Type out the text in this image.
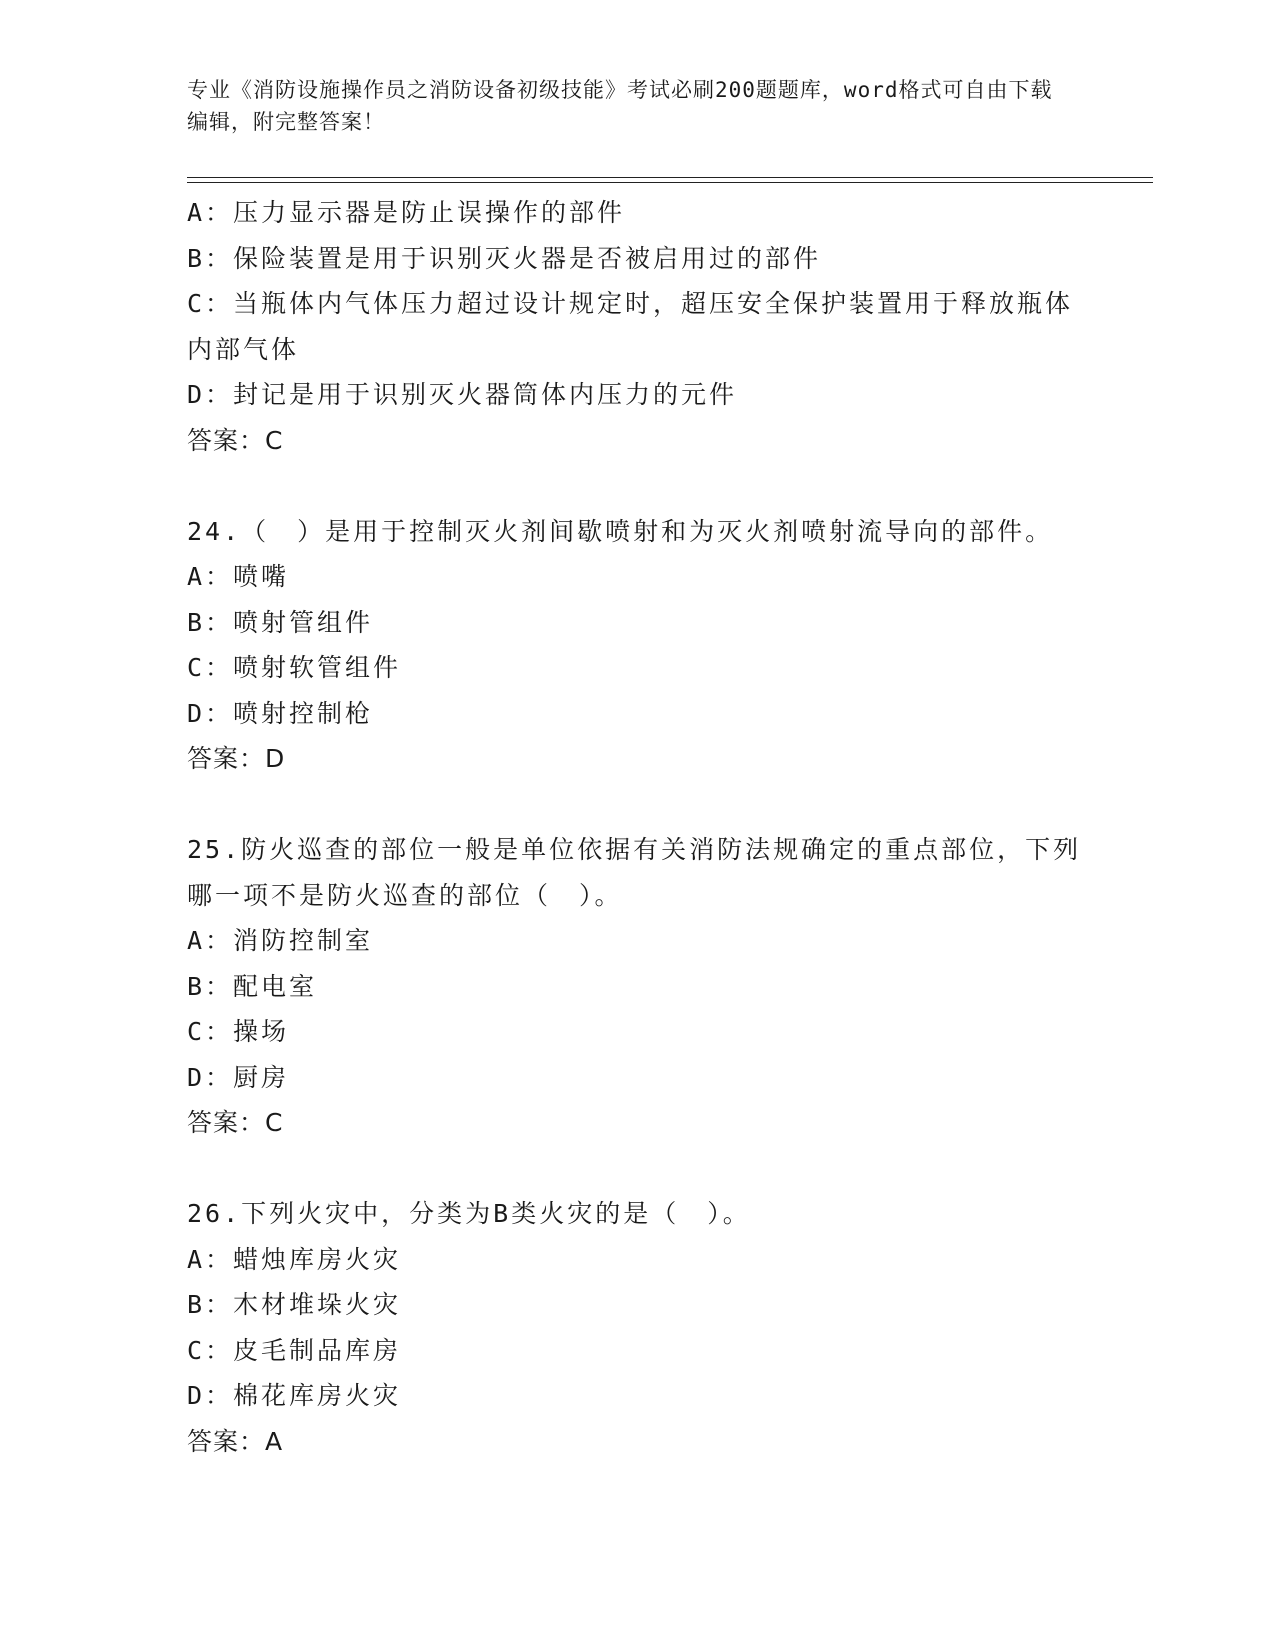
专业《消防设施操作员之消防设备初级技能》考试必刷200题题库，word格式可自由下载编辑，附完整答案！
A：压力显示器是防止误操作的部件
B：保险装置是用于识别灭火器是否被启用过的部件
C：当瓶体内气体压力超过设计规定时，超压安全保护装置用于释放瓶体内部气体
D：封记是用于识别灭火器筒体内压力的元件
答案：C
24.（　）是用于控制灭火剂间歇喷射和为灭火剂喷射流导向的部件。
A：喷嘴
B：喷射管组件
C：喷射软管组件
D：喷射控制枪
答案：D
25.防火巡查的部位一般是单位依据有关消防法规确定的重点部位，下列哪一项不是防火巡查的部位（　）。
A：消防控制室
B：配电室
C：操场
D：厨房
答案：C
26.下列火灾中，分类为B类火灾的是（　）。
A：蜡烛库房火灾
B：木材堆垛火灾
C：皮毛制品库房
D：棉花库房火灾
答案：A
